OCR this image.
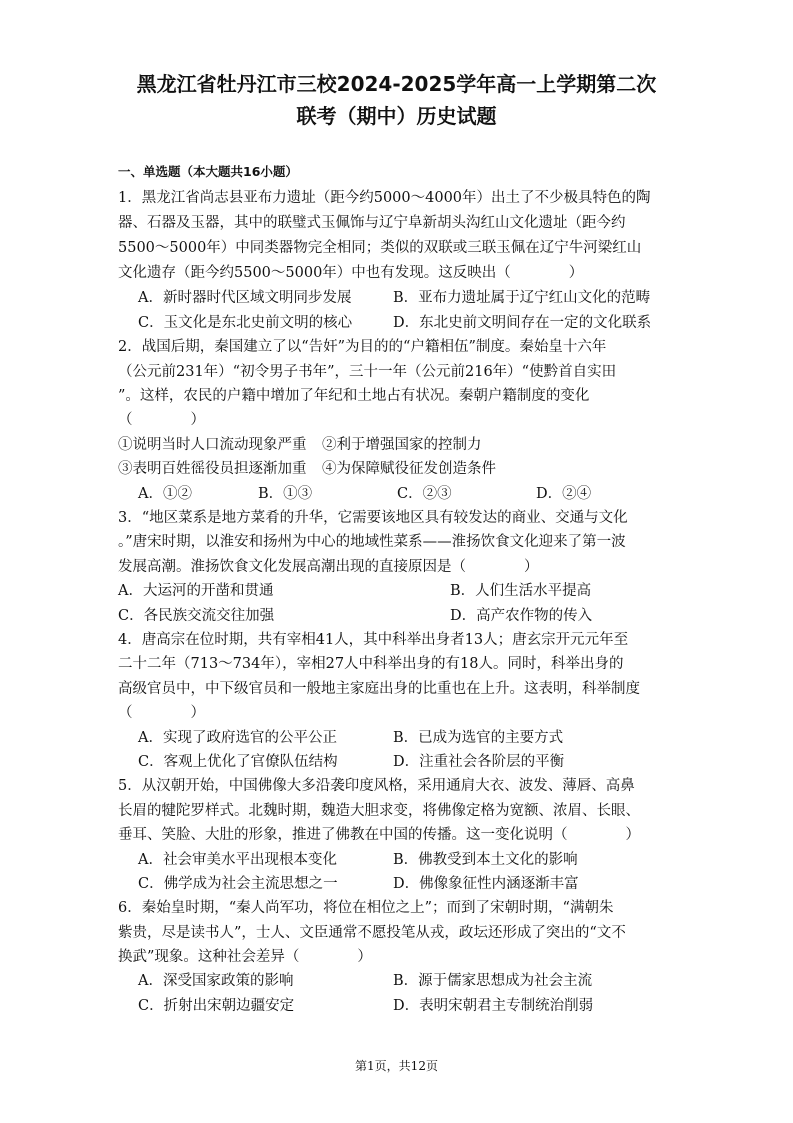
黑龙江省牡丹江市三校2024-2025学年高一上学期第二次
联考（期中）历史试题
一、单选题（本大题共16小题）
1．黑龙江省尚志县亚布力遗址（距今约5000～4000年）出土了不少极具特色的陶
器、石器及玉器，其中的联璧式玉佩饰与辽宁阜新胡头沟红山文化遗址（距今约
5500～5000年）中同类器物完全相同；类似的双联或三联玉佩在辽宁牛河梁红山
文化遗存（距今约5500～5000年）中也有发现。这反映出（　　　　）
A．新时器时代区域文明同步发展	B．亚布力遗址属于辽宁红山文化的范畴
C．玉文化是东北史前文明的核心	D．东北史前文明间存在一定的文化联系
2．战国后期，秦国建立了以“告奸”为目的的“户籍相伍”制度。秦始皇十六年
（公元前231年）“初令男子书年”，三十一年（公元前216年）“使黔首自实田
”。这样，农民的户籍中增加了年纪和土地占有状况。秦朝户籍制度的变化
（　　　　）
①说明当时人口流动现象严重 ②利于增强国家的控制力
③表明百姓徭役员担逐渐加重 ④为保障赋役征发创造条件
A．①②	B．①③	C．②③	D．②④
3．“地区菜系是地方菜肴的升华，它需要该地区具有较发达的商业、交通与文化
。”唐宋时期，以淮安和扬州为中心的地域性菜系——淮扬饮食文化迎来了第一波
发展高潮。淮扬饮食文化发展高潮出现的直接原因是（　　　　）
A．大运河的开凿和贯通	B．人们生活水平提高
C．各民族交流交往加强	D．高产农作物的传入
4．唐高宗在位时期，共有宰相41人，其中科举出身者13人；唐玄宗开元元年至
二十二年（713～734年），宰相27人中科举出身的有18人。同时，科举出身的
高级官员中，中下级官员和一般地主家庭出身的比重也在上升。这表明，科举制度
（　　　　）
A．实现了政府选官的公平公正	B．已成为选官的主要方式
C．客观上优化了官僚队伍结构	D．注重社会各阶层的平衡
5．从汉朝开始，中国佛像大多沿袭印度风格，采用通肩大衣、波发、薄唇、高鼻
长眉的犍陀罗样式。北魏时期，魏造大胆求变，将佛像定格为宽额、浓眉、长眼、
垂耳、笑脸、大肚的形象，推进了佛教在中国的传播。这一变化说明（　　　　）
A．社会审美水平出现根本变化	B．佛教受到本土文化的影响
C．佛学成为社会主流思想之一	D．佛像象征性内涵逐渐丰富
6．秦始皇时期，“秦人尚军功，将位在相位之上”；而到了宋朝时期，“满朝朱
紫贵，尽是读书人”，士人、文臣通常不愿投笔从戎，政坛还形成了突出的“文不
换武”现象。这种社会差异（　　　　）
A．深受国家政策的影响	B．源于儒家思想成为社会主流
C．折射出宋朝边疆安定	D．表明宋朝君主专制统治削弱
第1页，共12页
